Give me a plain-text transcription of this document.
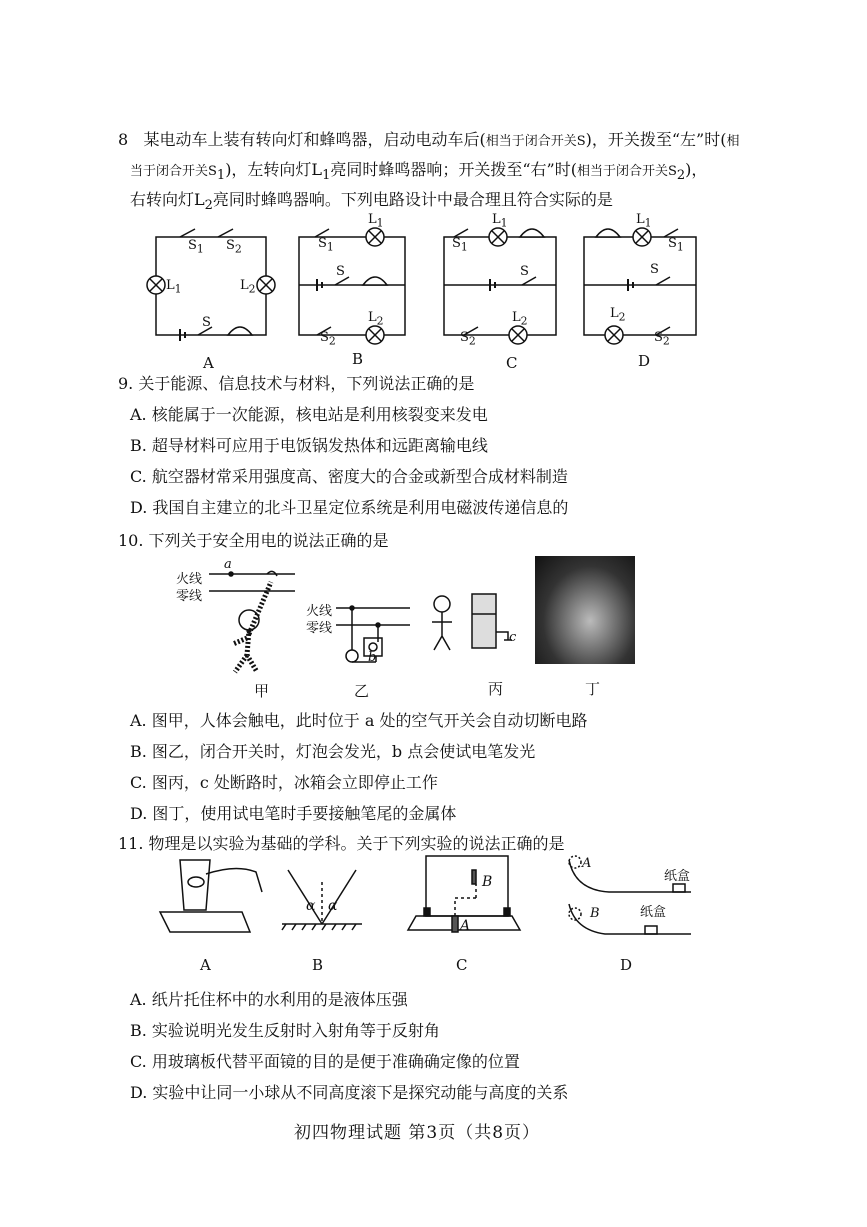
8 某电动车上装有转向灯和蜂鸣器，启动电动车后(相当于闭合开关S)，开关拨至“左”时(相
当于闭合开关$S_1$)，左转向灯$L_1$亮同时蜂鸣器响；开关拨至“右”时(相当于闭合开关$S_2$)，
右转向灯$L_2$亮同时蜂鸣器响。下列电路设计中最合理且符合实际的是
$S_1$ $S_2$
$L_1$	$L_2$
S
$S_1$
$L_1$
S
$L_2$
$S_2$
$S_1$
$L_1$
S
$L_2$
$S_2$
$L_1$
$S_1$
S
$L_2$
$S_2$
A	B	C	D
9. 关于能源、信息技术与材料，下列说法正确的是
A. 核能属于一次能源，核电站是利用核裂变来发电
B. 超导材料可应用于电饭锅发热体和远距离输电线
C. 航空器材常采用强度高、密度大的合金或新型合成材料制造
D. 我国自主建立的北斗卫星定位系统是利用电磁波传递信息的
10. 下列关于安全用电的说法正确的是
火线
零线
a
甲
火线
零线
b
乙
c
丙	丁
A. 图甲，人体会触电，此时位于 a 处的空气开关会自动切断电路
B. 图乙，闭合开关时，灯泡会发光，b 点会使试电笔发光
C. 图丙，c 处断路时，冰箱会立即停止工作
D. 图丁，使用试电笔时手要接触笔尾的金属体
11. 物理是以实验为基础的学科。关于下列实验的说法正确的是
A
α α
B
B
A
C
A
B
纸盒
纸盒
D
A. 纸片托住杯中的水利用的是液体压强
B. 实验说明光发生反射时入射角等于反射角
C. 用玻璃板代替平面镜的目的是便于准确确定像的位置
D. 实验中让同一小球从不同高度滚下是探究动能与高度的关系
初四物理试题 第3页（共8页）
